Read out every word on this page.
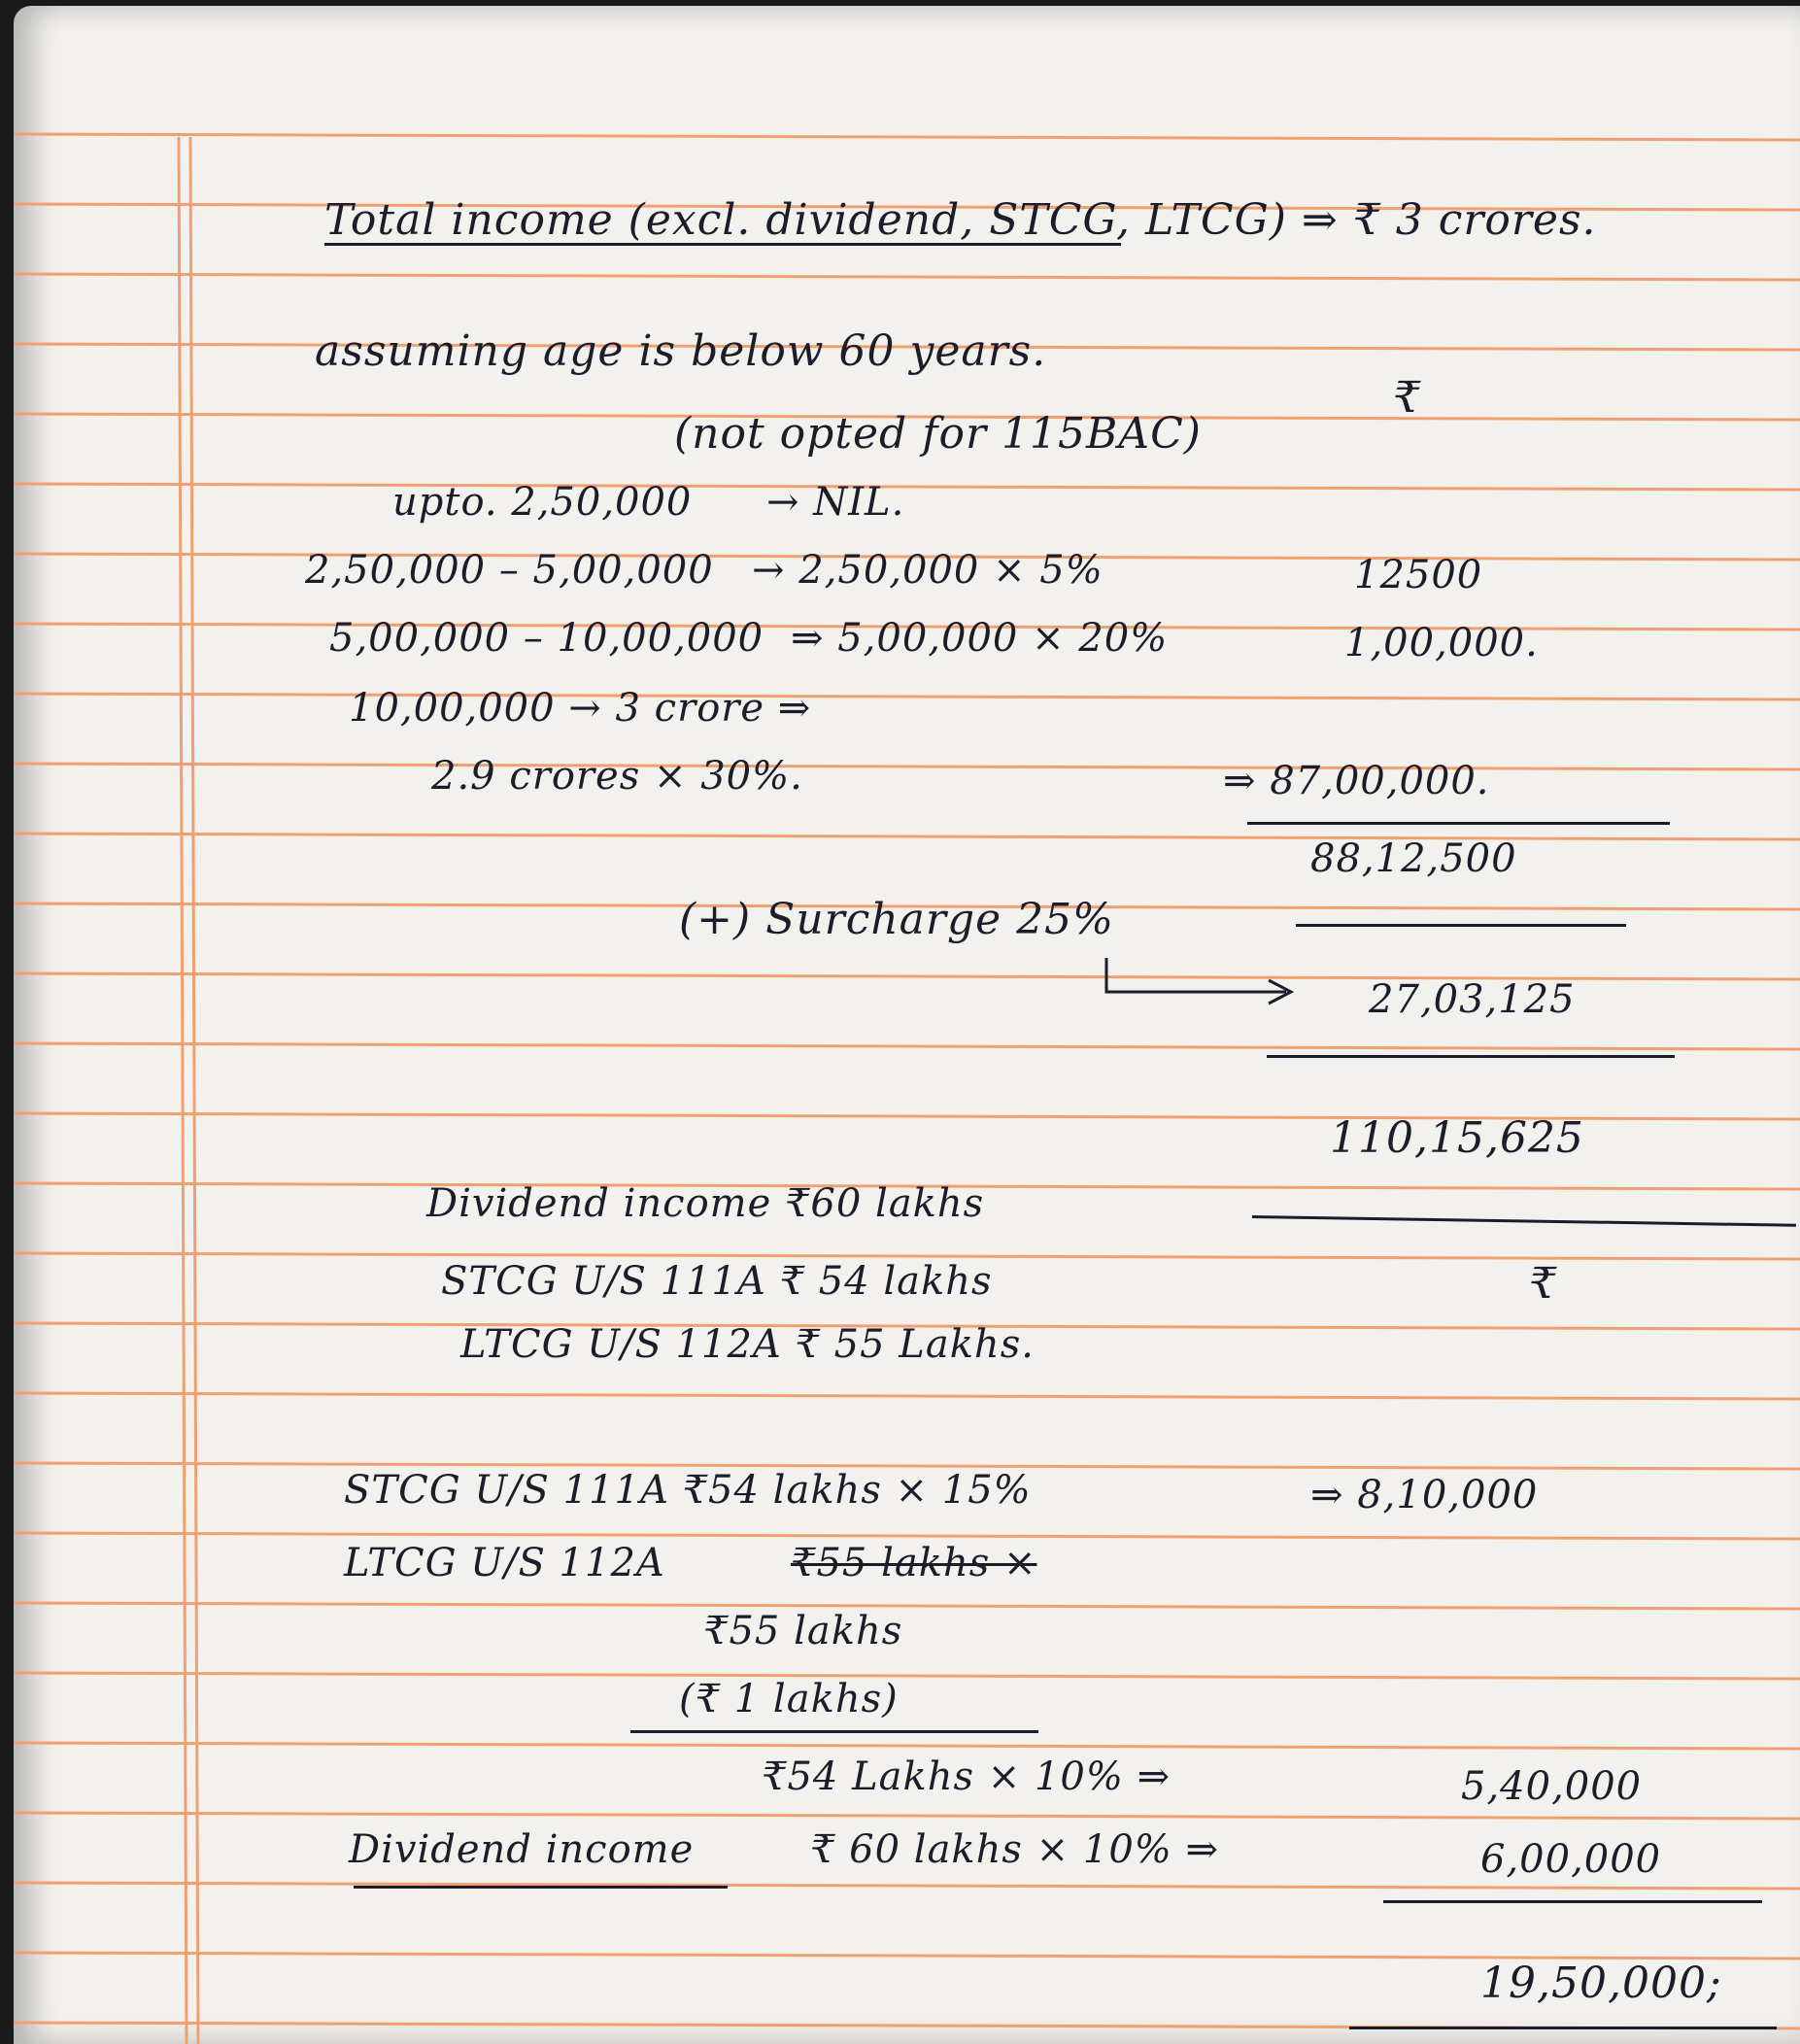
Total income (excl. dividend, STCG, LTCG) ⇒ ₹ 3 crores.
assuming age is below 60 years.
₹
(not opted for 115BAC)
upto. 2,50,000 → NIL.
2,50,000 – 5,00,000 → 2,50,000 × 5%	12500
5,00,000 – 10,00,000 ⇒ 5,00,000 × 20%	1,00,000.
10,00,000 → 3 crore ⇒
2.9 crores × 30%.	⇒ 87,00,000.
88,12,500
(+) Surcharge 25%
27,03,125
110,15,625
Dividend income ₹60 lakhs
STCG U/S 111A ₹ 54 lakhs	₹
LTCG U/S 112A ₹ 55 Lakhs.
STCG U/S 111A ₹54 lakhs × 15%	⇒ 8,10,000
LTCG U/S 112A	₹55 lakhs ×
₹55 lakhs
(₹ 1 lakhs)
₹54 Lakhs × 10% ⇒	5,40,000
Dividend income	₹ 60 lakhs × 10% ⇒	6,00,000
19,50,000;
